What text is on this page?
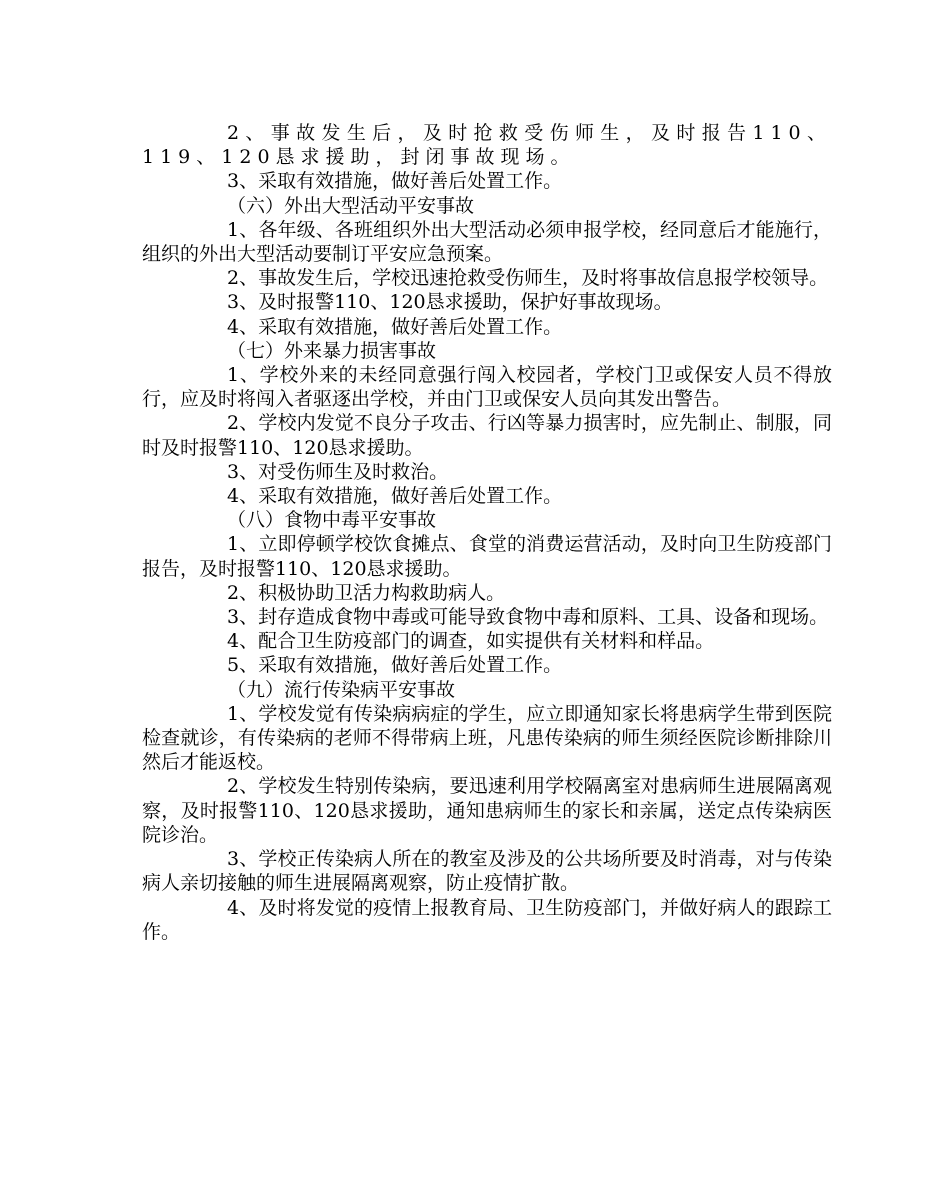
2、事故发生后，及时抢救受伤师生，及时报告110、119、120恳求援助，封闭事故现场。

3、采取有效措施，做好善后处置工作。

（六）外出大型活动平安事故

1、各年级、各班组织外出大型活动必须申报学校，经同意后才能施行，组织的外出大型活动要制订平安应急预案。

2、事故发生后，学校迅速抢救受伤师生，及时将事故信息报学校领导。

3、及时报警110、120恳求援助，保护好事故现场。

4、采取有效措施，做好善后处置工作。

（七）外来暴力损害事故

1、学校外来的未经同意强行闯入校园者，学校门卫或保安人员不得放行，应及时将闯入者驱逐出学校，并由门卫或保安人员向其发出警告。

2、学校内发觉不良分子攻击、行凶等暴力损害时，应先制止、制服，同时及时报警110、120恳求援助。

3、对受伤师生及时救治。

4、采取有效措施，做好善后处置工作。

（八）食物中毒平安事故

1、立即停顿学校饮食摊点、食堂的消费运营活动，及时向卫生防疫部门报告，及时报警110、120恳求援助。

2、积极协助卫活力构救助病人。

3、封存造成食物中毒或可能导致食物中毒和原料、工具、设备和现场。

4、配合卫生防疫部门的调查，如实提供有关材料和样品。

5、采取有效措施，做好善后处置工作。

（九）流行传染病平安事故

1、学校发觉有传染病病症的学生，应立即通知家长将患病学生带到医院检查就诊，有传染病的老师不得带病上班，凡患传染病的师生须经医院诊断排除川然后才能返校。

2、学校发生特别传染病，要迅速利用学校隔离室对患病师生进展隔离观察，及时报警110、120恳求援助，通知患病师生的家长和亲属，送定点传染病医院诊治。

3、学校正传染病人所在的教室及涉及的公共场所要及时消毒，对与传染病人亲切接触的师生进展隔离观察，防止疫情扩散。

4、及时将发觉的疫情上报教育局、卫生防疫部门，并做好病人的跟踪工作。
